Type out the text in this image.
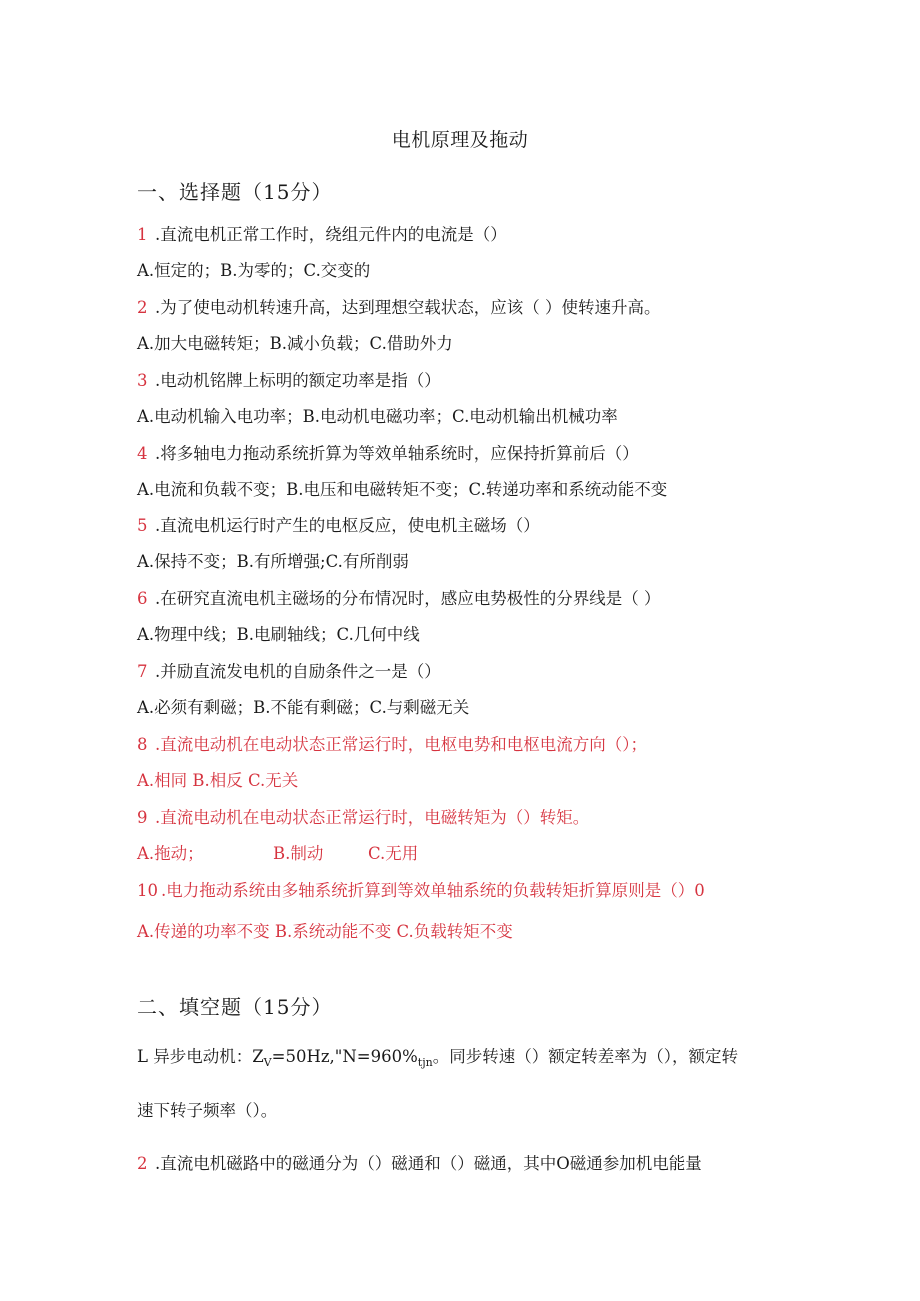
电机原理及拖动
一、选择题（15分）
1 .直流电机正常工作时，绕组元件内的电流是（）
A.恒定的；B.为零的；C.交变的
2 .为了使电动机转速升高，达到理想空载状态，应该（ ）使转速升高。
A.加大电磁转矩；B.减小负载；C.借助外力
3 .电动机铭牌上标明的额定功率是指（）
A.电动机输入电功率；B.电动机电磁功率；C.电动机输出机械功率
4 .将多轴电力拖动系统折算为等效单轴系统时，应保持折算前后（）
A.电流和负载不变；B.电压和电磁转矩不变；C.转递功率和系统动能不变
5 .直流电机运行时产生的电枢反应，使电机主磁场（）
A.保持不变；B.有所增强;C.有所削弱
6 .在研究直流电机主磁场的分布情况时，感应电势极性的分界线是（ ）
A.物理中线；B.电刷轴线；C.几何中线
7 .并励直流发电机的自励条件之一是（）
A.必须有剩磁；B.不能有剩磁；C.与剩磁无关
8 .直流电动机在电动状态正常运行时，电枢电势和电枢电流方向（）；
A.相同 B.相反 C.无关
9 .直流电动机在电动状态正常运行时，电磁转矩为（）转矩。
A.拖动；	B.制动	C.无用
10 .电力拖动系统由多轴系统折算到等效单轴系统的负载转矩折算原则是（）0
A.传递的功率不变 B.系统动能不变 C.负载转矩不变
二、填空题（15分）
L 异步电动机：$Z_V=50Hz,"N=960\%_{tjn}$。同步转速（）额定转差率为（），额定转
速下转子频率（）。
2 .直流电机磁路中的磁通分为（）磁通和（）磁通，其中O磁通参加机电能量
